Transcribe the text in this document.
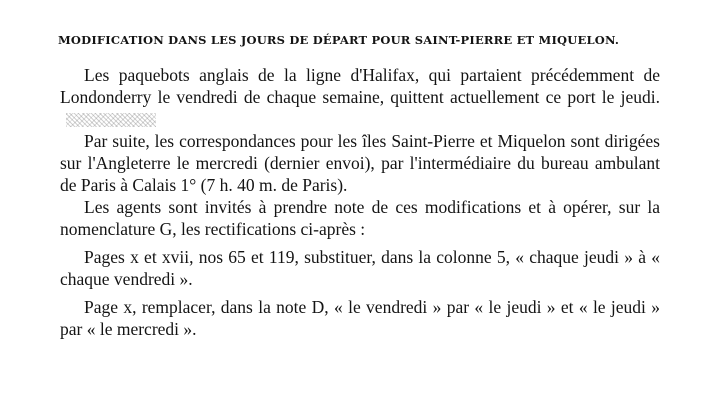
MODIFICATION DANS LES JOURS DE DÉPART POUR SAINT-PIERRE ET MIQUELON.

Les paquebots anglais de la ligne d'Halifax, qui partaient précédemment de Londonderry le vendredi de chaque semaine, quittent actuellement ce port le jeudi.

Par suite, les correspondances pour les îles Saint-Pierre et Miquelon sont dirigées sur l'Angleterre le mercredi (dernier envoi), par l'intermédiaire du bureau ambulant de Paris à Calais 1° (7 h. 40 m. de Paris).

Les agents sont invités à prendre note de ces modifications et à opérer, sur la nomenclature G, les rectifications ci-après :

Pages x et xvii, nos 65 et 119, substituer, dans la colonne 5, « chaque jeudi » à « chaque vendredi ».

Page x, remplacer, dans la note D, « le vendredi » par « le jeudi » et « le jeudi » par « le mercredi ».
